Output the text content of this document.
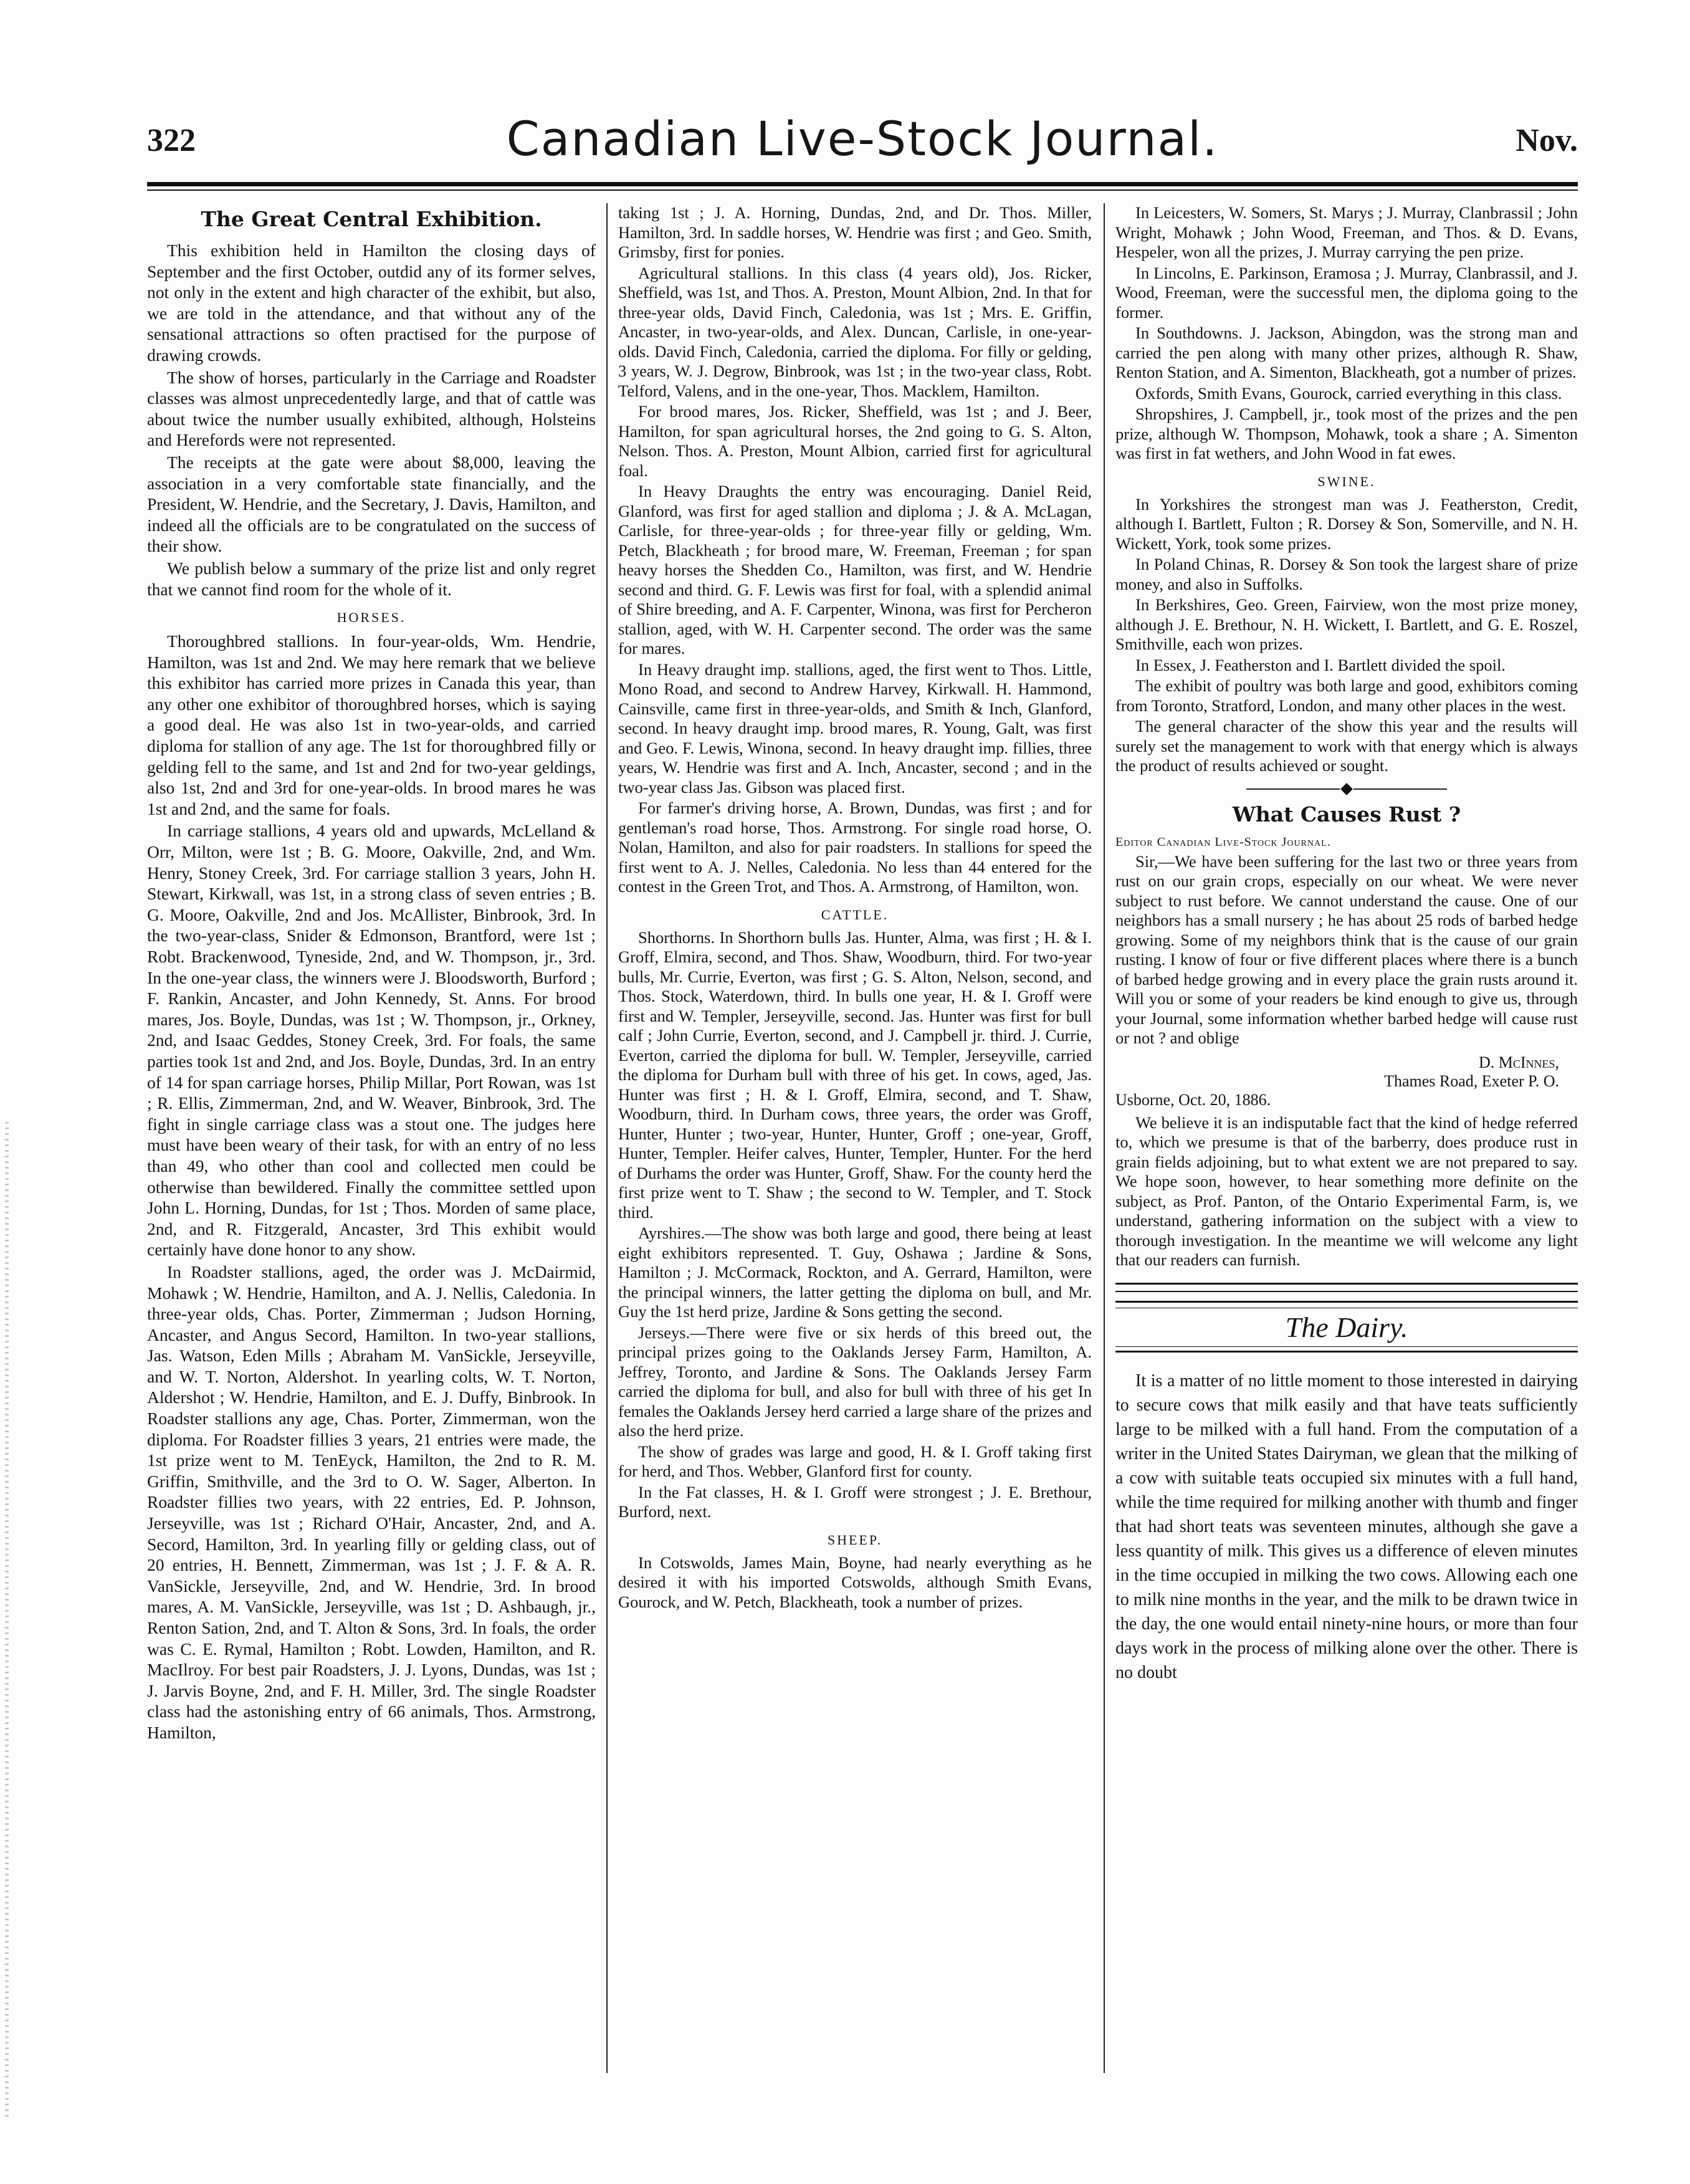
322	Canadian Live-Stock Journal.	Nov.
The Great Central Exhibition.

This exhibition held in Hamilton the closing days of September and the first October, outdid any of its former selves, not only in the extent and high character of the exhibit, but also, we are told in the attendance, and that without any of the sensational attractions so often practised for the purpose of drawing crowds.

The show of horses, particularly in the Carriage and Roadster classes was almost unprecedentedly large, and that of cattle was about twice the number usually exhibited, although, Holsteins and Herefords were not represented.

The receipts at the gate were about $8,000, leaving the association in a very comfortable state financially, and the President, W. Hendrie, and the Secretary, J. Davis, Hamilton, and indeed all the officials are to be congratulated on the success of their show.

We publish below a summary of the prize list and only regret that we cannot find room for the whole of it.

HORSES.

Thoroughbred stallions. In four-year-olds, Wm. Hendrie, Hamilton, was 1st and 2nd. We may here remark that we believe this exhibitor has carried more prizes in Canada this year, than any other one exhibitor of thoroughbred horses, which is saying a good deal. He was also 1st in two-year-olds, and carried diploma for stallion of any age. The 1st for thoroughbred filly or gelding fell to the same, and 1st and 2nd for two-year geldings, also 1st, 2nd and 3rd for one-year-olds. In brood mares he was 1st and 2nd, and the same for foals.

In carriage stallions, 4 years old and upwards, McLelland & Orr, Milton, were 1st ; B. G. Moore, Oakville, 2nd, and Wm. Henry, Stoney Creek, 3rd. For carriage stallion 3 years, John H. Stewart, Kirkwall, was 1st, in a strong class of seven entries ; B. G. Moore, Oakville, 2nd and Jos. McAllister, Binbrook, 3rd. In the two-year-class, Snider & Edmonson, Brantford, were 1st ; Robt. Brackenwood, Tyneside, 2nd, and W. Thompson, jr., 3rd. In the one-year class, the winners were J. Bloodsworth, Burford ; F. Rankin, Ancaster, and John Kennedy, St. Anns. For brood mares, Jos. Boyle, Dundas, was 1st ; W. Thompson, jr., Orkney, 2nd, and Isaac Geddes, Stoney Creek, 3rd. For foals, the same parties took 1st and 2nd, and Jos. Boyle, Dundas, 3rd. In an entry of 14 for span carriage horses, Philip Millar, Port Rowan, was 1st ; R. Ellis, Zimmerman, 2nd, and W. Weaver, Binbrook, 3rd. The fight in single carriage class was a stout one. The judges here must have been weary of their task, for with an entry of no less than 49, who other than cool and collected men could be otherwise than bewildered. Finally the committee settled upon John L. Horning, Dundas, for 1st ; Thos. Morden of same place, 2nd, and R. Fitzgerald, Ancaster, 3rd This exhibit would certainly have done honor to any show.

In Roadster stallions, aged, the order was J. McDairmid, Mohawk ; W. Hendrie, Hamilton, and A. J. Nellis, Caledonia. In three-year olds, Chas. Porter, Zimmerman ; Judson Horning, Ancaster, and Angus Secord, Hamilton. In two-year stallions, Jas. Watson, Eden Mills ; Abraham M. VanSickle, Jerseyville, and W. T. Norton, Aldershot. In yearling colts, W. T. Norton, Aldershot ; W. Hendrie, Hamilton, and E. J. Duffy, Binbrook. In Roadster stallions any age, Chas. Porter, Zimmerman, won the diploma. For Roadster fillies 3 years, 21 entries were made, the 1st prize went to M. TenEyck, Hamilton, the 2nd to R. M. Griffin, Smithville, and the 3rd to O. W. Sager, Alberton. In Roadster fillies two years, with 22 entries, Ed. P. Johnson, Jerseyville, was 1st ; Richard O'Hair, Ancaster, 2nd, and A. Secord, Hamilton, 3rd. In yearling filly or gelding class, out of 20 entries, H. Bennett, Zimmerman, was 1st ; J. F. & A. R. VanSickle, Jerseyville, 2nd, and W. Hendrie, 3rd. In brood mares, A. M. VanSickle, Jerseyville, was 1st ; D. Ashbaugh, jr., Renton Sation, 2nd, and T. Alton & Sons, 3rd. In foals, the order was C. E. Rymal, Hamilton ; Robt. Lowden, Hamilton, and R. MacIlroy. For best pair Roadsters, J. J. Lyons, Dundas, was 1st ; J. Jarvis Boyne, 2nd, and F. H. Miller, 3rd. The single Roadster class had the astonishing entry of 66 animals, Thos. Armstrong, Hamilton,

taking 1st ; J. A. Horning, Dundas, 2nd, and Dr. Thos. Miller, Hamilton, 3rd. In saddle horses, W. Hendrie was first ; and Geo. Smith, Grimsby, first for ponies.

Agricultural stallions. In this class (4 years old), Jos. Ricker, Sheffield, was 1st, and Thos. A. Preston, Mount Albion, 2nd. In that for three-year olds, David Finch, Caledonia, was 1st ; Mrs. E. Griffin, Ancaster, in two-year-olds, and Alex. Duncan, Carlisle, in one-year-olds. David Finch, Caledonia, carried the diploma. For filly or gelding, 3 years, W. J. Degrow, Binbrook, was 1st ; in the two-year class, Robt. Telford, Valens, and in the one-year, Thos. Macklem, Hamilton.

For brood mares, Jos. Ricker, Sheffield, was 1st ; and J. Beer, Hamilton, for span agricultural horses, the 2nd going to G. S. Alton, Nelson. Thos. A. Preston, Mount Albion, carried first for agricultural foal.

In Heavy Draughts the entry was encouraging. Daniel Reid, Glanford, was first for aged stallion and diploma ; J. & A. McLagan, Carlisle, for three-year-olds ; for three-year filly or gelding, Wm. Petch, Blackheath ; for brood mare, W. Freeman, Freeman ; for span heavy horses the Shedden Co., Hamilton, was first, and W. Hendrie second and third. G. F. Lewis was first for foal, with a splendid animal of Shire breeding, and A. F. Carpenter, Winona, was first for Percheron stallion, aged, with W. H. Carpenter second. The order was the same for mares.

In Heavy draught imp. stallions, aged, the first went to Thos. Little, Mono Road, and second to Andrew Harvey, Kirkwall. H. Hammond, Cainsville, came first in three-year-olds, and Smith & Inch, Glanford, second. In heavy draught imp. brood mares, R. Young, Galt, was first and Geo. F. Lewis, Winona, second. In heavy draught imp. fillies, three years, W. Hendrie was first and A. Inch, Ancaster, second ; and in the two-year class Jas. Gibson was placed first.

For farmer's driving horse, A. Brown, Dundas, was first ; and for gentleman's road horse, Thos. Armstrong. For single road horse, O. Nolan, Hamilton, and also for pair roadsters. In stallions for speed the first went to A. J. Nelles, Caledonia. No less than 44 entered for the contest in the Green Trot, and Thos. A. Armstrong, of Hamilton, won.

CATTLE.

Shorthorns. In Shorthorn bulls Jas. Hunter, Alma, was first ; H. & I. Groff, Elmira, second, and Thos. Shaw, Woodburn, third. For two-year bulls, Mr. Currie, Everton, was first ; G. S. Alton, Nelson, second, and Thos. Stock, Waterdown, third. In bulls one year, H. & I. Groff were first and W. Templer, Jerseyville, second. Jas. Hunter was first for bull calf ; John Currie, Everton, second, and J. Campbell jr. third. J. Currie, Everton, carried the diploma for bull. W. Templer, Jerseyville, carried the diploma for Durham bull with three of his get. In cows, aged, Jas. Hunter was first ; H. & I. Groff, Elmira, second, and T. Shaw, Woodburn, third. In Durham cows, three years, the order was Groff, Hunter, Hunter ; two-year, Hunter, Hunter, Groff ; one-year, Groff, Hunter, Templer. Heifer calves, Hunter, Templer, Hunter. For the herd of Durhams the order was Hunter, Groff, Shaw. For the county herd the first prize went to T. Shaw ; the second to W. Templer, and T. Stock third.

Ayrshires.—The show was both large and good, there being at least eight exhibitors represented. T. Guy, Oshawa ; Jardine & Sons, Hamilton ; J. McCormack, Rockton, and A. Gerrard, Hamilton, were the principal winners, the latter getting the diploma on bull, and Mr. Guy the 1st herd prize, Jardine & Sons getting the second.

Jerseys.—There were five or six herds of this breed out, the principal prizes going to the Oaklands Jersey Farm, Hamilton, A. Jeffrey, Toronto, and Jardine & Sons. The Oaklands Jersey Farm carried the diploma for bull, and also for bull with three of his get In females the Oaklands Jersey herd carried a large share of the prizes and also the herd prize.

The show of grades was large and good, H. & I. Groff taking first for herd, and Thos. Webber, Glanford first for county.

In the Fat classes, H. & I. Groff were strongest ; J. E. Brethour, Burford, next.

SHEEP.

In Cotswolds, James Main, Boyne, had nearly everything as he desired it with his imported Cotswolds, although Smith Evans, Gourock, and W. Petch, Blackheath, took a number of prizes.

In Leicesters, W. Somers, St. Marys ; J. Murray, Clanbrassil ; John Wright, Mohawk ; John Wood, Freeman, and Thos. & D. Evans, Hespeler, won all the prizes, J. Murray carrying the pen prize.

In Lincolns, E. Parkinson, Eramosa ; J. Murray, Clanbrassil, and J. Wood, Freeman, were the successful men, the diploma going to the former.

In Southdowns. J. Jackson, Abingdon, was the strong man and carried the pen along with many other prizes, although R. Shaw, Renton Station, and A. Simenton, Blackheath, got a number of prizes.

Oxfords, Smith Evans, Gourock, carried everything in this class.

Shropshires, J. Campbell, jr., took most of the prizes and the pen prize, although W. Thompson, Mohawk, took a share ; A. Simenton was first in fat wethers, and John Wood in fat ewes.

SWINE.

In Yorkshires the strongest man was J. Featherston, Credit, although I. Bartlett, Fulton ; R. Dorsey & Son, Somerville, and N. H. Wickett, York, took some prizes.

In Poland Chinas, R. Dorsey & Son took the largest share of prize money, and also in Suffolks.

In Berkshires, Geo. Green, Fairview, won the most prize money, although J. E. Brethour, N. H. Wickett, I. Bartlett, and G. E. Roszel, Smithville, each won prizes.

In Essex, J. Featherston and I. Bartlett divided the spoil.

The exhibit of poultry was both large and good, exhibitors coming from Toronto, Stratford, London, and many other places in the west.

The general character of the show this year and the results will surely set the management to work with that energy which is always the product of results achieved or sought.

What Causes Rust ?
Editor Canadian Live-Stock Journal.

Sir,—We have been suffering for the last two or three years from rust on our grain crops, especially on our wheat. We were never subject to rust before. We cannot understand the cause. One of our neighbors has a small nursery ; he has about 25 rods of barbed hedge growing. Some of my neighbors think that is the cause of our grain rusting. I know of four or five different places where there is a bunch of barbed hedge growing and in every place the grain rusts around it. Will you or some of your readers be kind enough to give us, through your Journal, some information whether barbed hedge will cause rust or not ? and oblige

D. McInnes,
Thames Road, Exeter P. O.
Usborne, Oct. 20, 1886.

We believe it is an indisputable fact that the kind of hedge referred to, which we presume is that of the barberry, does produce rust in grain fields adjoining, but to what extent we are not prepared to say. We hope soon, however, to hear something more definite on the subject, as Prof. Panton, of the Ontario Experimental Farm, is, we understand, gathering information on the subject with a view to thorough investigation. In the meantime we will welcome any light that our readers can furnish.

The Dairy.

It is a matter of no little moment to those interested in dairying to secure cows that milk easily and that have teats sufficiently large to be milked with a full hand. From the computation of a writer in the United States Dairyman, we glean that the milking of a cow with suitable teats occupied six minutes with a full hand, while the time required for milking another with thumb and finger that had short teats was seventeen minutes, although she gave a less quantity of milk. This gives us a difference of eleven minutes in the time occupied in milking the two cows. Allowing each one to milk nine months in the year, and the milk to be drawn twice in the day, the one would entail ninety-nine hours, or more than four days work in the process of milking alone over the other. There is no doubt
